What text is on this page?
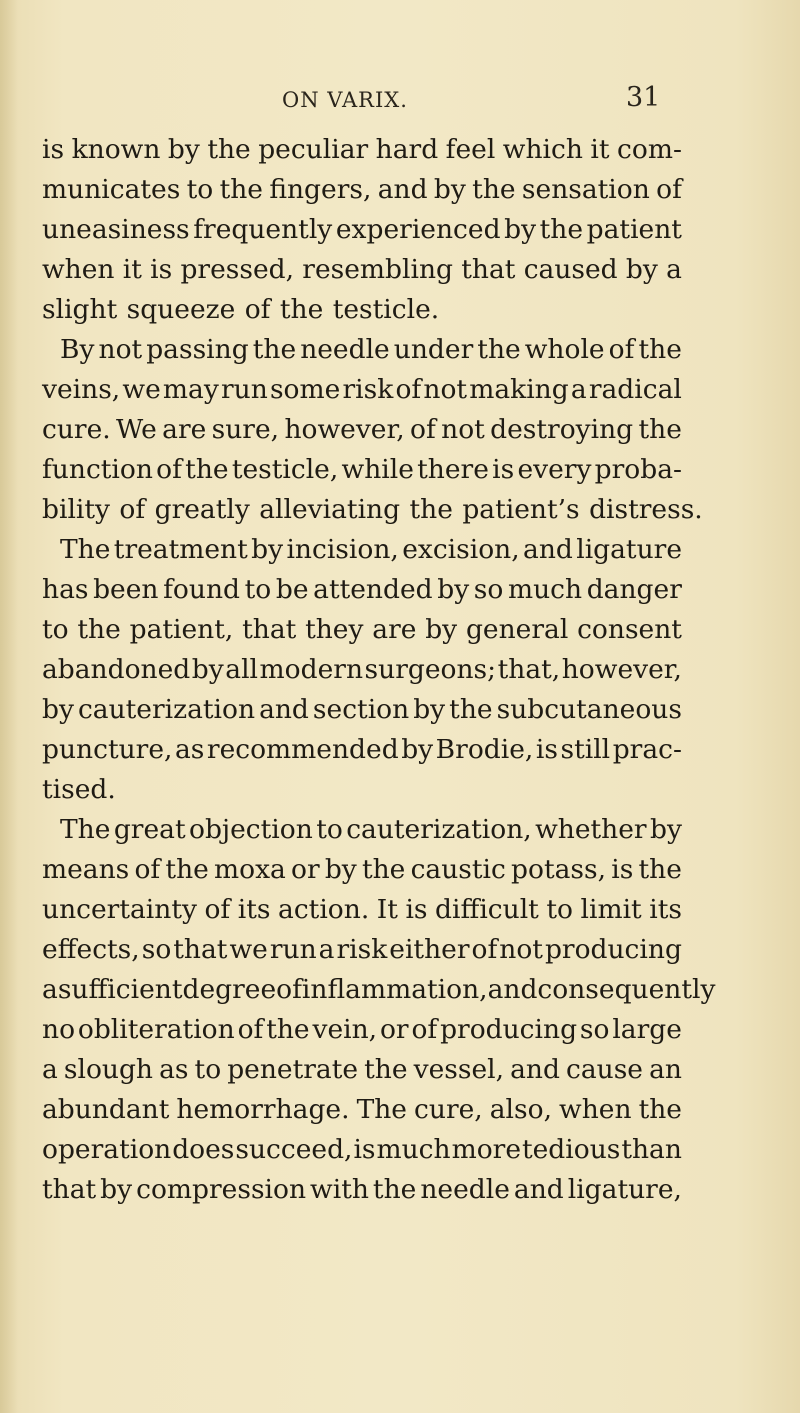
ON VARIX.	31
is known by the peculiar hard feel which it com-
municates to the fingers, and by the sensation of
uneasiness frequently experienced by the patient
when it is pressed, resembling that caused by a
slight squeeze of the testicle.
By not passing the needle under the whole of the
veins, we may run some risk of not making a radical
cure. We are sure, however, of not destroying the
function of the testicle, while there is every proba-
bility of greatly alleviating the patient’s distress.
The treatment by incision, excision, and ligature
has been found to be attended by so much danger
to the patient, that they are by general consent
abandoned by all modern surgeons; that, however,
by cauterization and section by the subcutaneous
puncture, as recommended by Brodie, is still prac-
tised.
The great objection to cauterization, whether by
means of the moxa or by the caustic potass, is the
uncertainty of its action. It is difficult to limit its
effects, so that we run a risk either of not producing
a sufficient degree of inflammation, and consequently
no obliteration of the vein, or of producing so large
a slough as to penetrate the vessel, and cause an
abundant hemorrhage. The cure, also, when the
operation does succeed, is much more tedious than
that by compression with the needle and ligature,
